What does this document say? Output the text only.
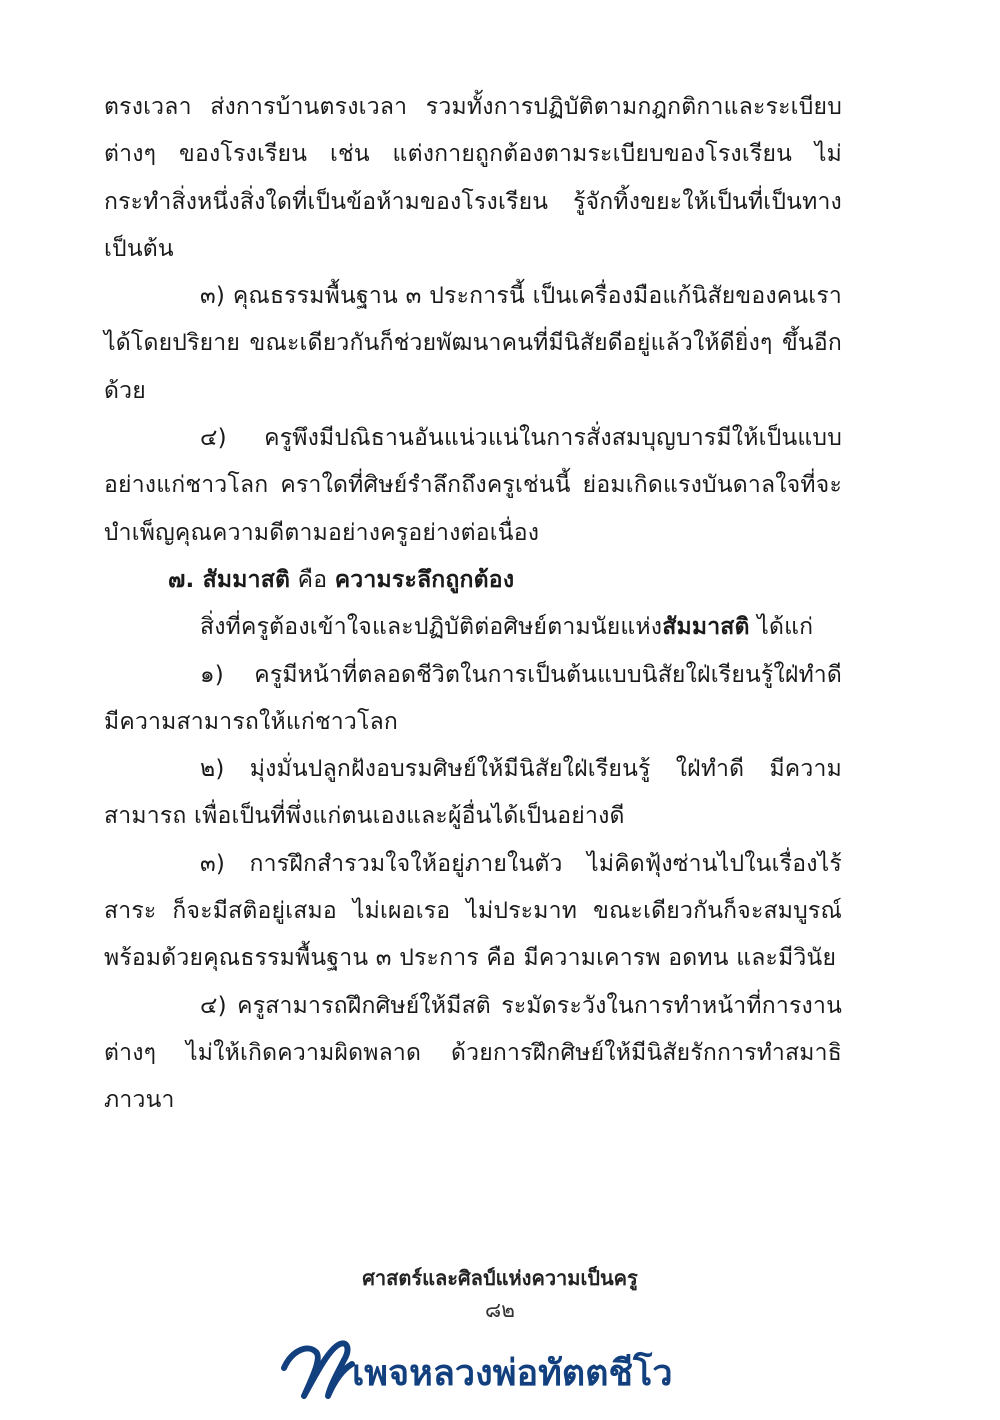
ตรงเวลา ส่งการบ้านตรงเวลา รวมทั้งการปฏิบัติตามกฎกติกาและระเบียบต่างๆ ของโรงเรียน เช่น แต่งกายถูกต้องตามระเบียบของโรงเรียน ไม่กระทำสิ่งหนึ่งสิ่งใดที่เป็นข้อห้ามของโรงเรียน รู้จักทิ้งขยะให้เป็นที่เป็นทาง เป็นต้น

๓) คุณธรรมพื้นฐาน ๓ ประการนี้ เป็นเครื่องมือแก้นิสัยของคนเราได้โดยปริยาย ขณะเดียวกันก็ช่วยพัฒนาคนที่มีนิสัยดีอยู่แล้วให้ดียิ่งๆ ขึ้นอีกด้วย

๔) ครูพึงมีปณิธานอันแน่วแน่ในการสั่งสมบุญบารมีให้เป็นแบบอย่างแก่ชาวโลก คราใดที่ศิษย์รำลึกถึงครูเช่นนี้ ย่อมเกิดแรงบันดาลใจที่จะบำเพ็ญคุณความดีตามอย่างครูอย่างต่อเนื่อง

๗. สัมมาสติ คือ ความระลึกถูกต้อง

สิ่งที่ครูต้องเข้าใจและปฏิบัติต่อศิษย์ตามนัยแห่งสัมมาสติ ได้แก่

๑) ครูมีหน้าที่ตลอดชีวิตในการเป็นต้นแบบนิสัยใฝ่เรียนรู้ใฝ่ทำดี มีความสามารถให้แก่ชาวโลก

๒) มุ่งมั่นปลูกฝังอบรมศิษย์ให้มีนิสัยใฝ่เรียนรู้ ใฝ่ทำดี มีความสามารถ เพื่อเป็นที่พึ่งแก่ตนเองและผู้อื่นได้เป็นอย่างดี

๓) การฝึกสำรวมใจให้อยู่ภายในตัว ไม่คิดฟุ้งซ่านไปในเรื่องไร้สาระ ก็จะมีสติอยู่เสมอ ไม่เผอเรอ ไม่ประมาท ขณะเดียวกันก็จะสมบูรณ์พร้อมด้วยคุณธรรมพื้นฐาน ๓ ประการ คือ มีความเคารพ อดทน และมีวินัย

๔) ครูสามารถฝึกศิษย์ให้มีสติ ระมัดระวังในการทำหน้าที่การงานต่างๆ ไม่ให้เกิดความผิดพลาด ด้วยการฝึกศิษย์ให้มีนิสัยรักการทำสมาธิภาวนา

ศาสตร์และศิลป์แห่งความเป็นครู
๘๒
เพจหลวงพ่อทัตตชีโว
